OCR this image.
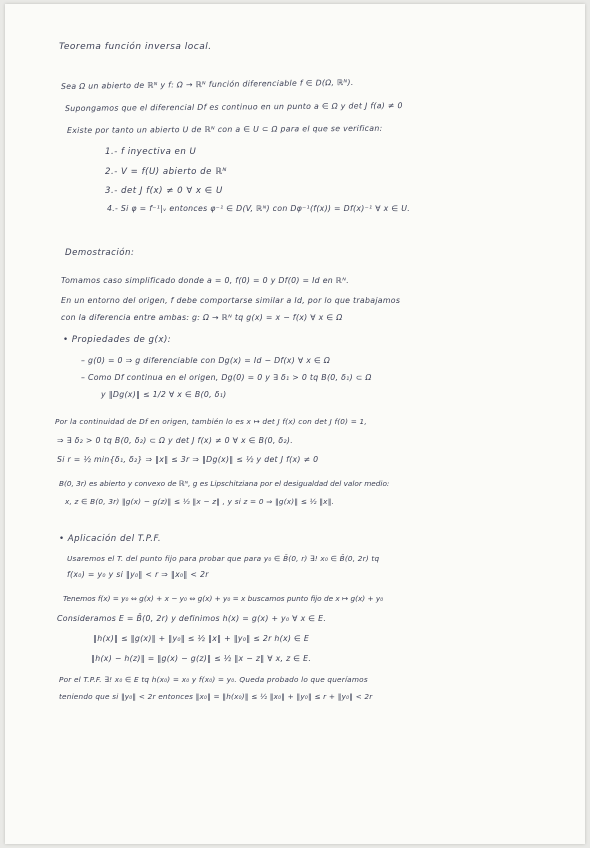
Teorema función inversa local.
Sea Ω un abierto de ℝᴺ y f: Ω → ℝᴺ función diferenciable f ∈ D(Ω, ℝᴺ).
Supongamos que el diferencial Df es continuo en un punto a ∈ Ω y det J f(a) ≠ 0
Existe por tanto un abierto U de ℝᴺ con a ∈ U ⊂ Ω para el que se verifican:
1.- f inyectiva en U
2.- V = f(U) abierto de ℝᴺ
3.- det J f(x) ≠ 0 ∀ x ∈ U
4.- Si φ = f⁻¹|ᵥ entonces φ⁻¹ ∈ D(V, ℝᴺ) con Dφ⁻¹(f(x)) = Df(x)⁻¹ ∀ x ∈ U.
Demostración:
Tomamos caso simplificado donde a = 0, f(0) = 0 y Df(0) = Id en ℝᴺ.
En un entorno del origen, f debe comportarse similar a Id, por lo que trabajamos
con la diferencia entre ambas: g: Ω → ℝᴺ tq g(x) = x − f(x) ∀ x ∈ Ω
• Propiedades de g(x):
– g(0) = 0 ⇒ g diferenciable con Dg(x) = Id − Df(x) ∀ x ∈ Ω
– Como Df continua en el origen, Dg(0) = 0 y ∃ δ₁ > 0 tq B(0, δ₁) ⊂ Ω
y ‖Dg(x)‖ ≤ 1/2 ∀ x ∈ B(0, δ₁)
Por la continuidad de Df en origen, también lo es x ↦ det J f(x) con det J f(0) = 1,
⇒ ∃ δ₂ > 0 tq B(0, δ₂) ⊂ Ω y det J f(x) ≠ 0 ∀ x ∈ B(0, δ₂).
Si r = ½ min{δ₁, δ₂} ⇒ ‖x‖ ≤ 3r ⇒ ‖Dg(x)‖ ≤ ½ y det J f(x) ≠ 0
B(0, 3r) es abierto y convexo de ℝᴺ, g es Lipschitziana por el desigualdad del valor medio:
x, z ∈ B(0, 3r) ‖g(x) − g(z)‖ ≤ ½ ‖x − z‖ , y si z = 0 ⇒ ‖g(x)‖ ≤ ½ ‖x‖.
• Aplicación del T.P.F.
Usaremos el T. del punto fijo para probar que para y₀ ∈ B̄(0, r) ∃! x₀ ∈ B̄(0, 2r) tq
f(x₀) = y₀ y si ‖y₀‖ < r ⇒ ‖x₀‖ < 2r
Tenemos f(x) = y₀ ⇔ g(x) + x − y₀ ⇔ g(x) + y₀ = x buscamos punto fijo de x ↦ g(x) + y₀
Consideramos E = B̄(0, 2r) y definimos h(x) = g(x) + y₀ ∀ x ∈ E.
‖h(x)‖ ≤ ‖g(x)‖ + ‖y₀‖ ≤ ½ ‖x‖ + ‖y₀‖ ≤ 2r h(x) ∈ E
‖h(x) − h(z)‖ = ‖g(x) − g(z)‖ ≤ ½ ‖x − z‖ ∀ x, z ∈ E.
Por el T.P.F. ∃! x₀ ∈ E tq h(x₀) = x₀ y f(x₀) = y₀. Queda probado lo que queríamos
teniendo que si ‖y₀‖ < 2r entonces ‖x₀‖ = ‖h(x₀)‖ ≤ ½ ‖x₀‖ + ‖y₀‖ ≤ r + ‖y₀‖ < 2r
